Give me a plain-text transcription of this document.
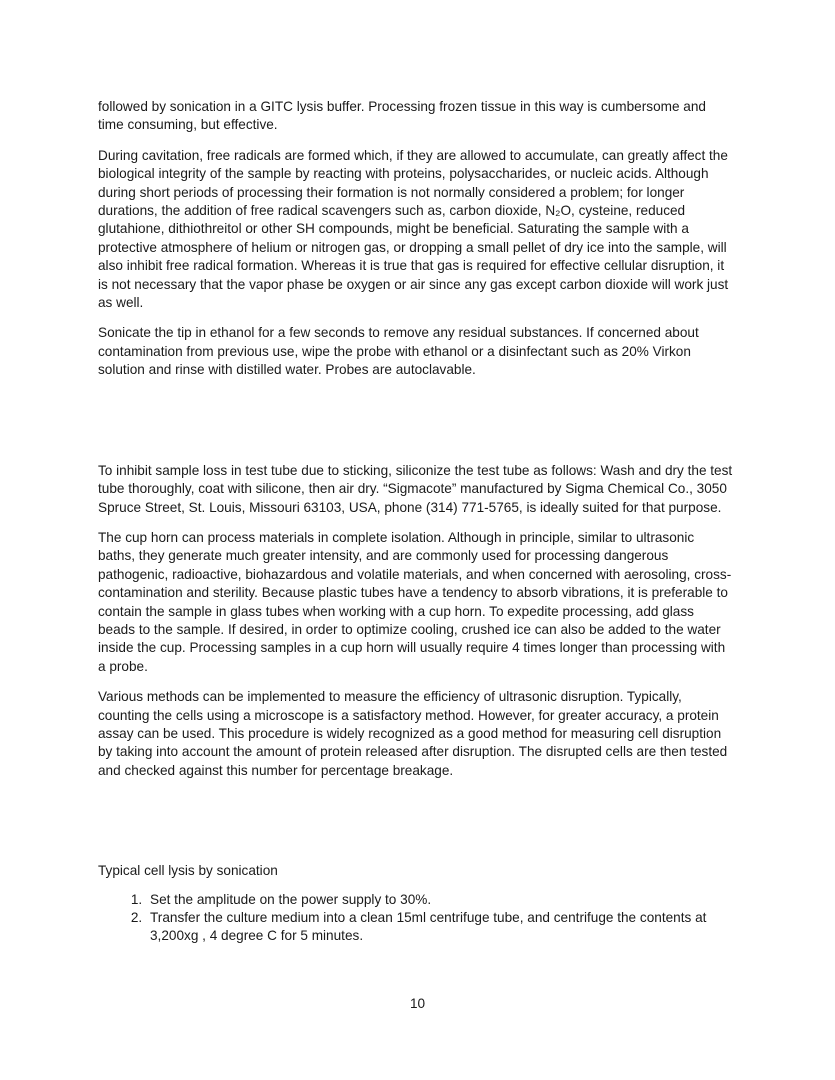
followed by sonication in a GITC lysis buffer. Processing frozen tissue in this way is cumbersome and time consuming, but effective.

During cavitation, free radicals are formed which, if they are allowed to accumulate, can greatly affect the biological integrity of the sample by reacting with proteins, polysaccharides, or nucleic acids. Although during short periods of processing their formation is not normally considered a problem; for longer durations, the addition of free radical scavengers such as, carbon dioxide, N₂O, cysteine, reduced glutahione, dithiothreitol or other SH compounds, might be beneficial. Saturating the sample with a protective atmosphere of helium or nitrogen gas, or dropping a small pellet of dry ice into the sample, will also inhibit free radical formation. Whereas it is true that gas is required for effective cellular disruption, it is not necessary that the vapor phase be oxygen or air since any gas except carbon dioxide will work just as well.

Sonicate the tip in ethanol for a few seconds to remove any residual substances. If concerned about contamination from previous use, wipe the probe with ethanol or a disinfectant such as 20% Virkon solution and rinse with distilled water. Probes are autoclavable.

To inhibit sample loss in test tube due to sticking, siliconize the test tube as follows: Wash and dry the test tube thoroughly, coat with silicone, then air dry. “Sigmacote” manufactured by Sigma Chemical Co., 3050 Spruce Street, St. Louis, Missouri 63103, USA, phone (314) 771-5765, is ideally suited for that purpose.

The cup horn can process materials in complete isolation. Although in principle, similar to ultrasonic baths, they generate much greater intensity, and are commonly used for processing dangerous pathogenic, radioactive, biohazardous and volatile materials, and when concerned with aerosoling, cross-contamination and sterility. Because plastic tubes have a tendency to absorb vibrations, it is preferable to contain the sample in glass tubes when working with a cup horn. To expedite processing, add glass beads to the sample. If desired, in order to optimize cooling, crushed ice can also be added to the water inside the cup. Processing samples in a cup horn will usually require 4 times longer than processing with a probe.

Various methods can be implemented to measure the efficiency of ultrasonic disruption. Typically, counting the cells using a microscope is a satisfactory method. However, for greater accuracy, a protein assay can be used. This procedure is widely recognized as a good method for measuring cell disruption by taking into account the amount of protein released after disruption. The disrupted cells are then tested and checked against this number for percentage breakage.

Typical cell lysis by sonication

1. Set the amplitude on the power supply to 30%.
2. Transfer the culture medium into a clean 15ml centrifuge tube, and centrifuge the contents at 3,200xg , 4 degree C for 5 minutes.
10
